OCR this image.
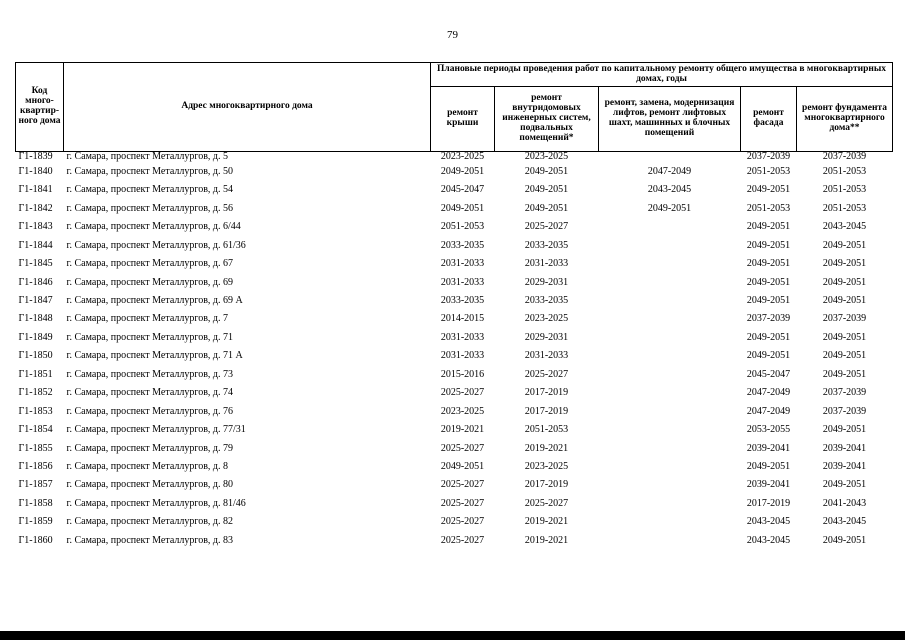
79
Код много-квартир-ного дома	Адрес многоквартирного дома	Плановые периоды проведения работ по капитальному ремонту общего имущества в многоквартирных домах, годы				
		ремонт крыши	ремонт внутридомовых инженерных систем, подвальных помещений*	ремонт, замена, модернизация лифтов, ремонт лифтовых шахт, машинных и блочных помещений	ремонт фасада	ремонт фундамента многоквартирного дома**
Г1-1839	г. Самара, проспект Металлургов, д. 5	2023-2025	2023-2025		2037-2039	2037-2039
Г1-1840	г. Самара, проспект Металлургов, д. 50	2049-2051	2049-2051	2047-2049	2051-2053	2051-2053
Г1-1841	г. Самара, проспект Металлургов, д. 54	2045-2047	2049-2051	2043-2045	2049-2051	2051-2053
Г1-1842	г. Самара, проспект Металлургов, д. 56	2049-2051	2049-2051	2049-2051	2051-2053	2051-2053
Г1-1843	г. Самара, проспект Металлургов, д. 6/44	2051-2053	2025-2027		2049-2051	2043-2045
Г1-1844	г. Самара, проспект Металлургов, д. 61/36	2033-2035	2033-2035		2049-2051	2049-2051
Г1-1845	г. Самара, проспект Металлургов, д. 67	2031-2033	2031-2033		2049-2051	2049-2051
Г1-1846	г. Самара, проспект Металлургов, д. 69	2031-2033	2029-2031		2049-2051	2049-2051
Г1-1847	г. Самара, проспект Металлургов, д. 69 А	2033-2035	2033-2035		2049-2051	2049-2051
Г1-1848	г. Самара, проспект Металлургов, д. 7	2014-2015	2023-2025		2037-2039	2037-2039
Г1-1849	г. Самара, проспект Металлургов, д. 71	2031-2033	2029-2031		2049-2051	2049-2051
Г1-1850	г. Самара, проспект Металлургов, д. 71 А	2031-2033	2031-2033		2049-2051	2049-2051
Г1-1851	г. Самара, проспект Металлургов, д. 73	2015-2016	2025-2027		2045-2047	2049-2051
Г1-1852	г. Самара, проспект Металлургов, д. 74	2025-2027	2017-2019		2047-2049	2037-2039
Г1-1853	г. Самара, проспект Металлургов, д. 76	2023-2025	2017-2019		2047-2049	2037-2039
Г1-1854	г. Самара, проспект Металлургов, д. 77/31	2019-2021	2051-2053		2053-2055	2049-2051
Г1-1855	г. Самара, проспект Металлургов, д. 79	2025-2027	2019-2021		2039-2041	2039-2041
Г1-1856	г. Самара, проспект Металлургов, д. 8	2049-2051	2023-2025		2049-2051	2039-2041
Г1-1857	г. Самара, проспект Металлургов, д. 80	2025-2027	2017-2019		2039-2041	2049-2051
Г1-1858	г. Самара, проспект Металлургов, д. 81/46	2025-2027	2025-2027		2017-2019	2041-2043
Г1-1859	г. Самара, проспект Металлургов, д. 82	2025-2027	2019-2021		2043-2045	2043-2045
Г1-1860	г. Самара, проспект Металлургов, д. 83	2025-2027	2019-2021		2043-2045	2049-2051
